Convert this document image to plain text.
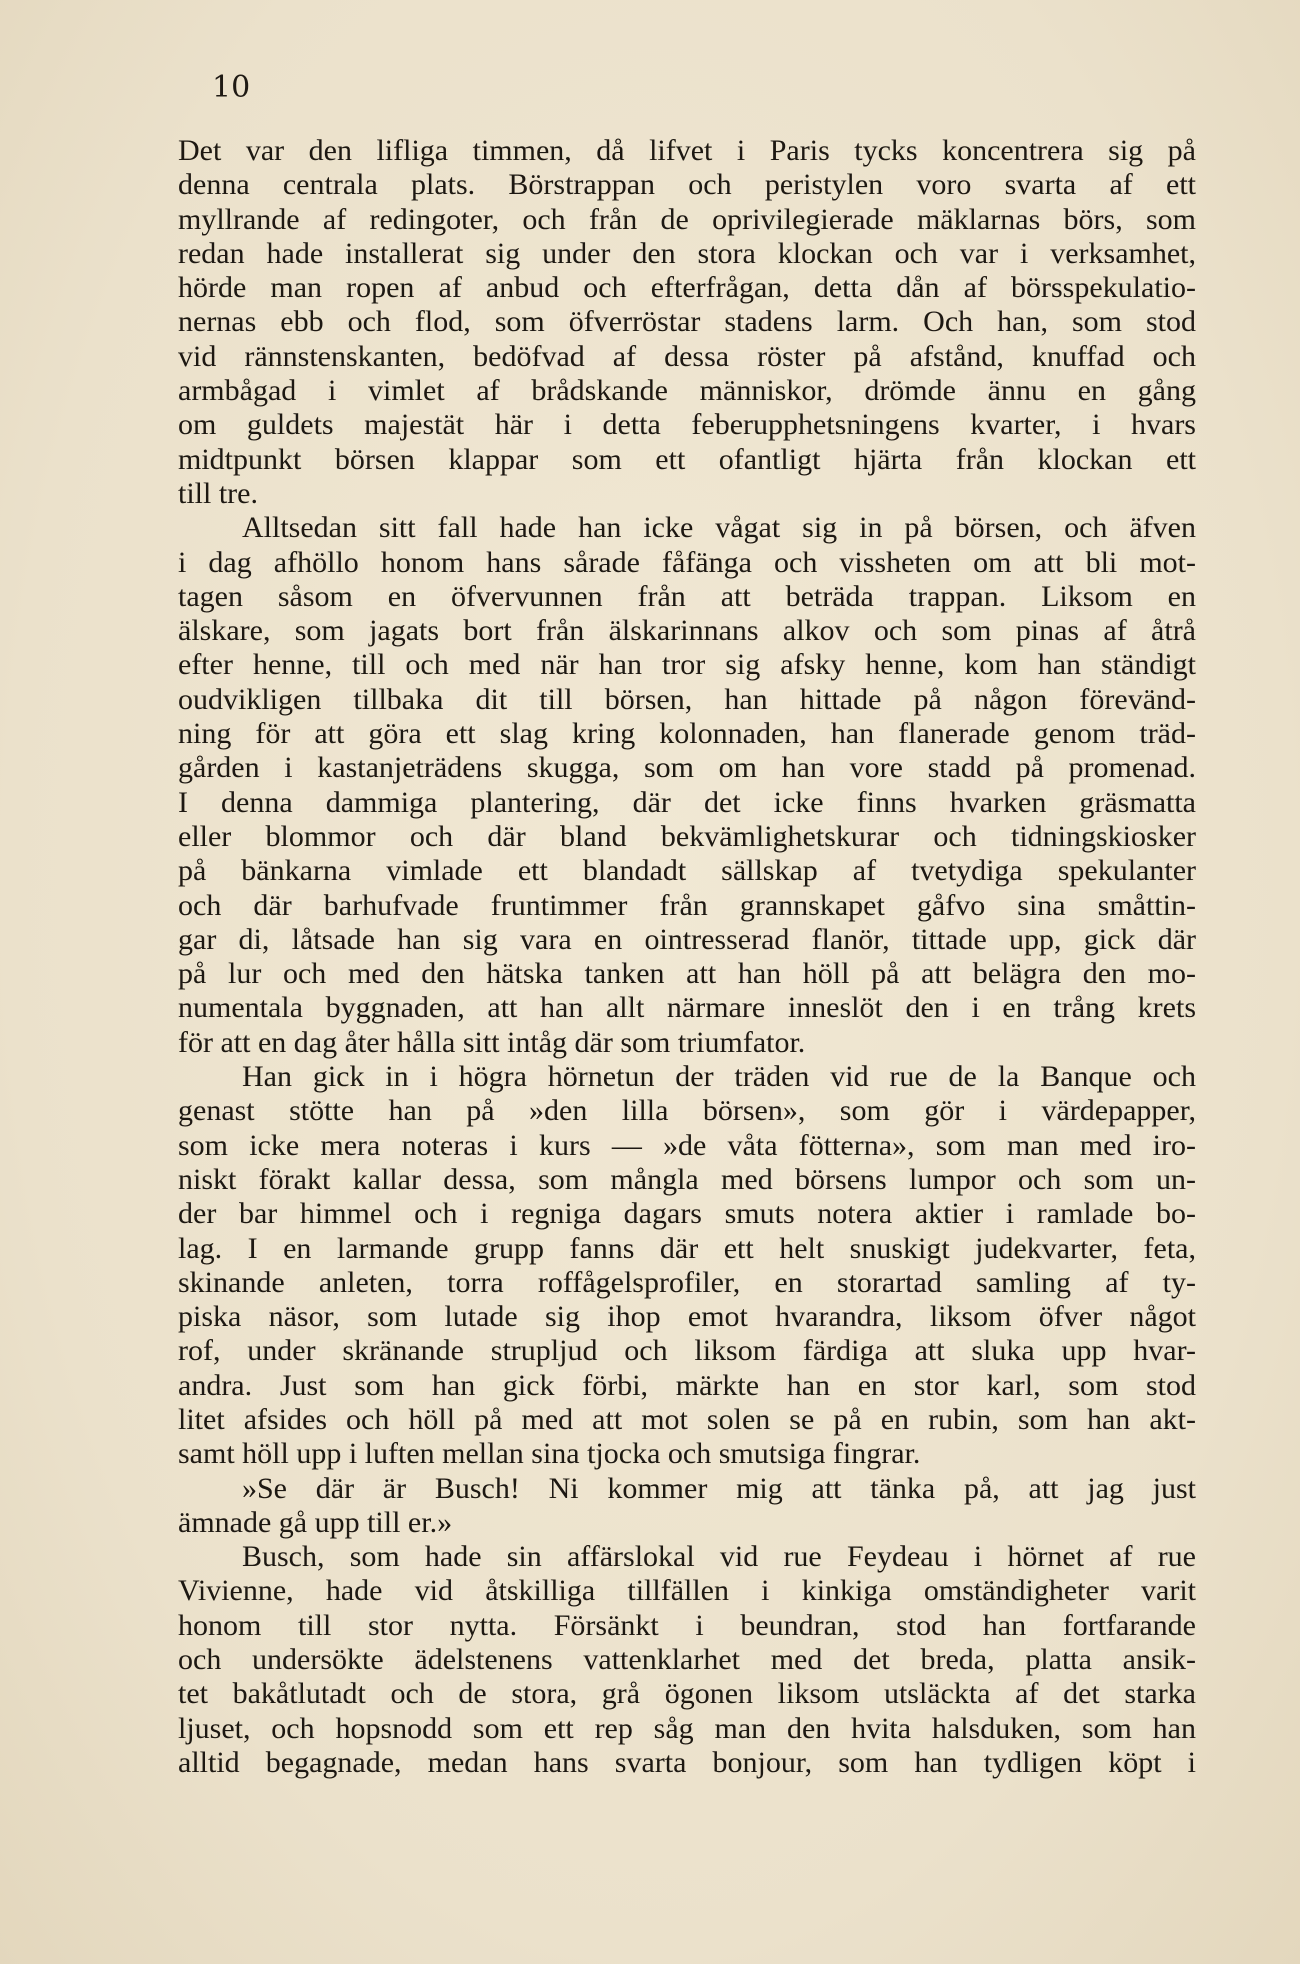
10
Det var den lifliga timmen, då lifvet i Paris tycks koncentrera sig på
denna centrala plats. Börstrappan och peristylen voro svarta af ett
myllrande af redingoter, och från de oprivilegierade mäklarnas börs, som
redan hade installerat sig under den stora klockan och var i verksamhet,
hörde man ropen af anbud och efterfrågan, detta dån af börsspekulatio-
nernas ebb och flod, som öfverröstar stadens larm. Och han, som stod
vid rännstenskanten, bedöfvad af dessa röster på afstånd, knuffad och
armbågad i vimlet af brådskande människor, drömde ännu en gång
om guldets majestät här i detta feberupphetsningens kvarter, i hvars
midtpunkt börsen klappar som ett ofantligt hjärta från klockan ett
till tre.
Alltsedan sitt fall hade han icke vågat sig in på börsen, och äfven
i dag afhöllo honom hans sårade fåfänga och vissheten om att bli mot-
tagen såsom en öfvervunnen från att beträda trappan. Liksom en
älskare, som jagats bort från älskarinnans alkov och som pinas af åtrå
efter henne, till och med när han tror sig afsky henne, kom han ständigt
oudvikligen tillbaka dit till börsen, han hittade på någon förevänd-
ning för att göra ett slag kring kolonnaden, han flanerade genom träd-
gården i kastanjeträdens skugga, som om han vore stadd på promenad.
I denna dammiga plantering, där det icke finns hvarken gräsmatta
eller blommor och där bland bekvämlighetskurar och tidningskiosker
på bänkarna vimlade ett blandadt sällskap af tvetydiga spekulanter
och där barhufvade fruntimmer från grannskapet gåfvo sina småttin-
gar di, låtsade han sig vara en ointresserad flanör, tittade upp, gick där
på lur och med den hätska tanken att han höll på att belägra den mo-
numentala byggnaden, att han allt närmare inneslöt den i en trång krets
för att en dag åter hålla sitt intåg där som triumfator.
Han gick in i högra hörnetun der träden vid rue de la Banque och
genast stötte han på »den lilla börsen», som gör i värdepapper,
som icke mera noteras i kurs — »de våta fötterna», som man med iro-
niskt förakt kallar dessa, som mångla med börsens lumpor och som un-
der bar himmel och i regniga dagars smuts notera aktier i ramlade bo-
lag. I en larmande grupp fanns där ett helt snuskigt judekvarter, feta,
skinande anleten, torra roffågelsprofiler, en storartad samling af ty-
piska näsor, som lutade sig ihop emot hvarandra, liksom öfver något
rof, under skränande strupljud och liksom färdiga att sluka upp hvar-
andra. Just som han gick förbi, märkte han en stor karl, som stod
litet afsides och höll på med att mot solen se på en rubin, som han akt-
samt höll upp i luften mellan sina tjocka och smutsiga fingrar.
»Se där är Busch! Ni kommer mig att tänka på, att jag just
ämnade gå upp till er.»
Busch, som hade sin affärslokal vid rue Feydeau i hörnet af rue
Vivienne, hade vid åtskilliga tillfällen i kinkiga omständigheter varit
honom till stor nytta. Försänkt i beundran, stod han fortfarande
och undersökte ädelstenens vattenklarhet med det breda, platta ansik-
tet bakåtlutadt och de stora, grå ögonen liksom utsläckta af det starka
ljuset, och hopsnodd som ett rep såg man den hvita halsduken, som han
alltid begagnade, medan hans svarta bonjour, som han tydligen köpt i
